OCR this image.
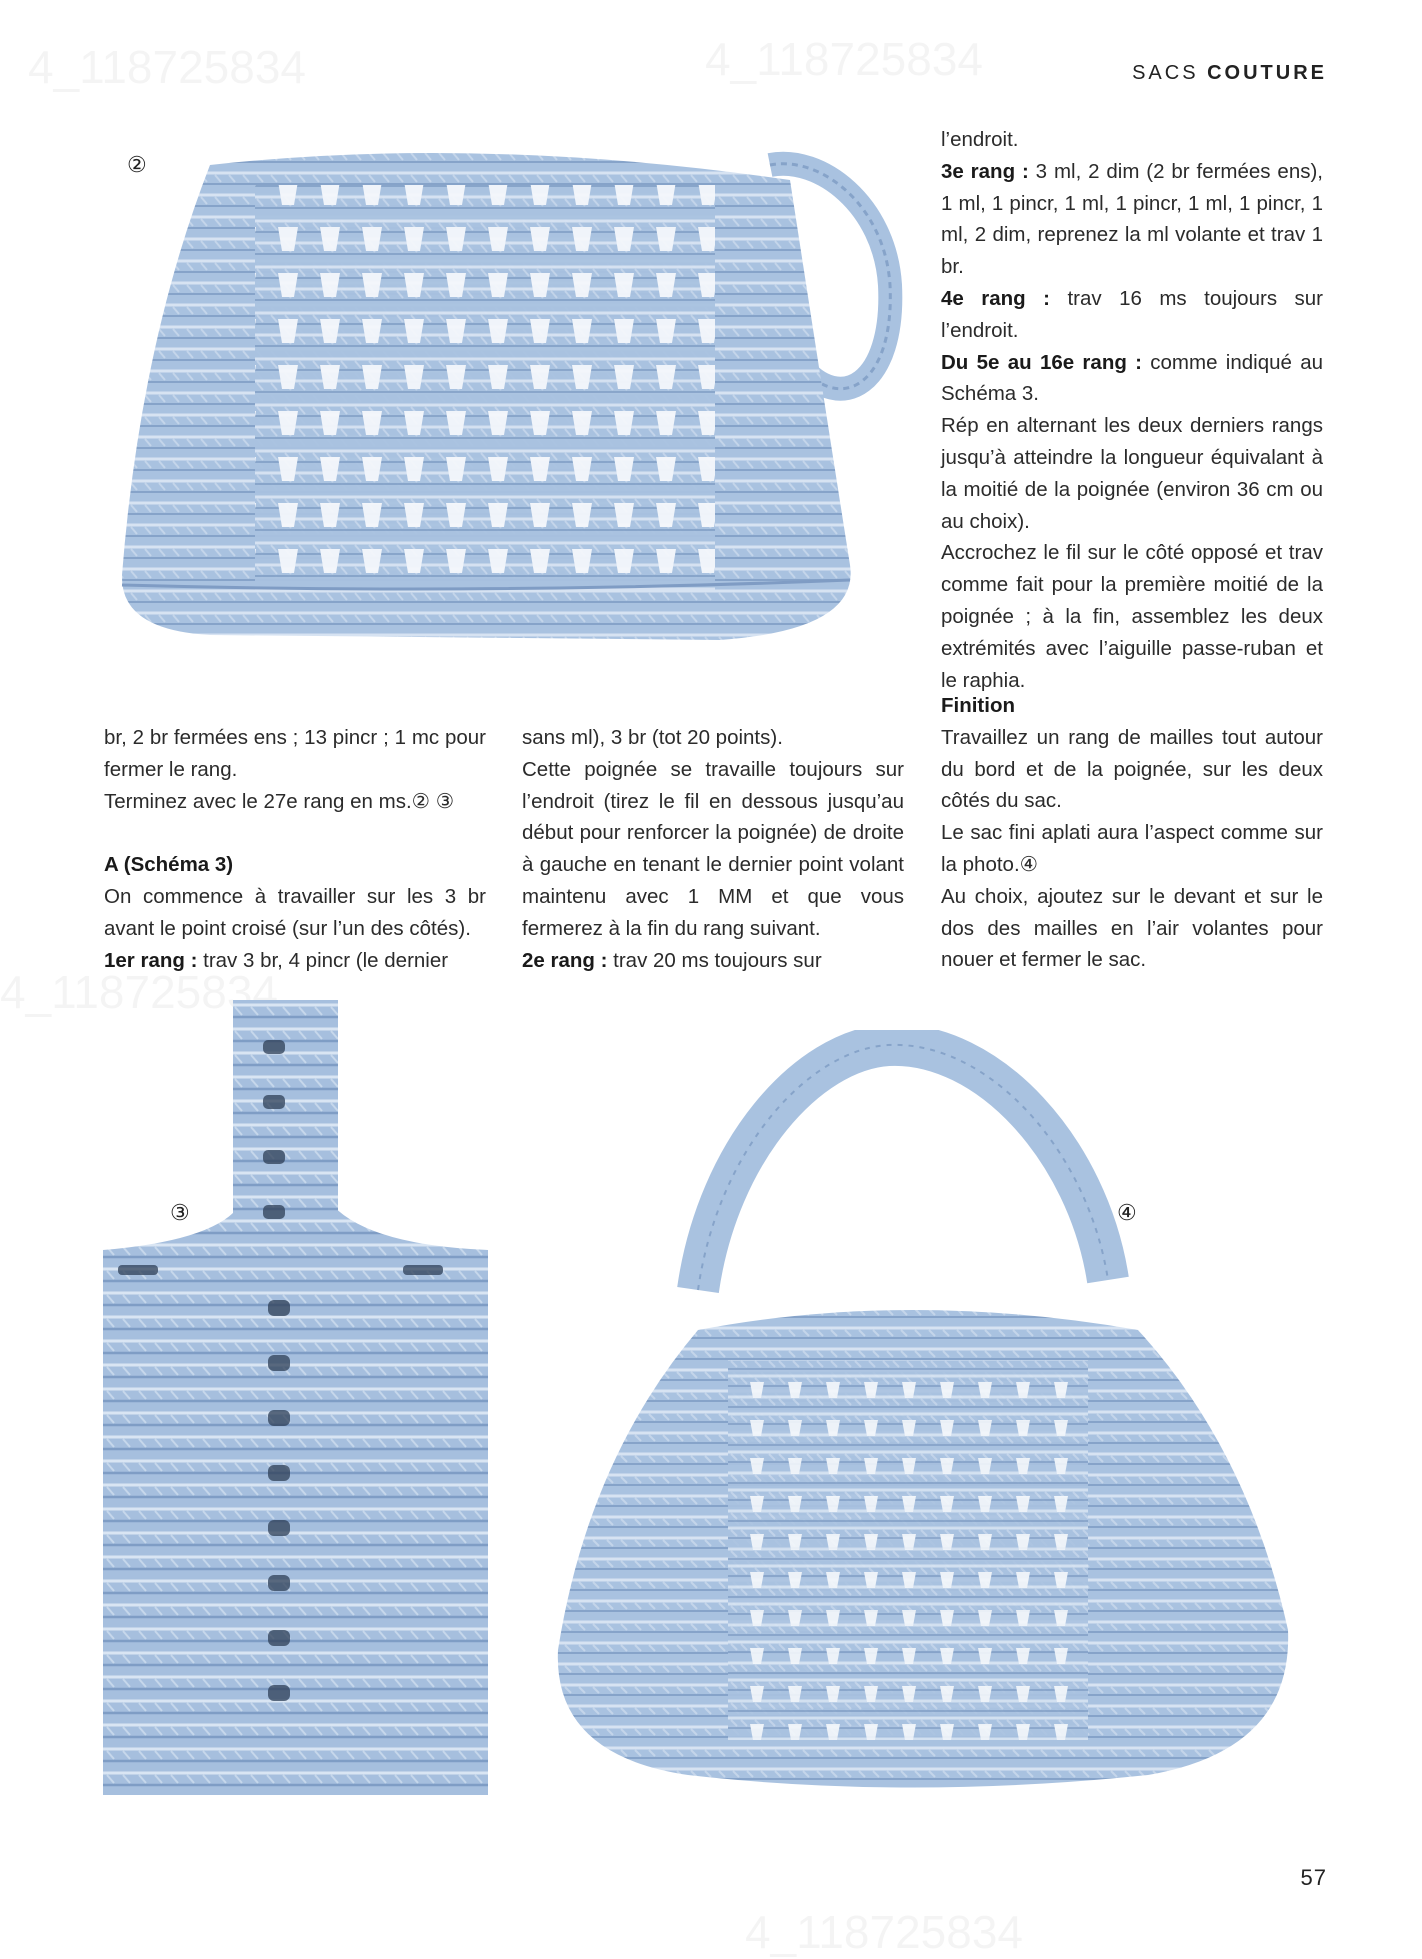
SACS COUTURE
②

l’endroit.

3e rang : 3 ml, 2 dim (2 br fermées ens), 1 ml, 1 pincr, 1 ml, 1 pincr, 1 ml, 1 pincr, 1 ml, 2 dim, reprenez la ml volante et trav 1 br.

4e rang : trav 16 ms toujours sur l’endroit.

Du 5e au 16e rang : comme indiqué au Schéma 3.

Rép en alternant les deux derniers rangs jusqu’à atteindre la longueur équivalant à la moitié de la poignée (environ 36 cm ou au choix).

Accrochez le fil sur le côté opposé et trav comme fait pour la première moitié de la poignée ; à la fin, assemblez les deux extrémités avec l’aiguille passe-ruban et le raphia.

br, 2 br fermées ens ; 13 pincr ; 1 mc pour fermer le rang.

Terminez avec le 27e rang en ms.② ③

A (Schéma 3)

On commence à travailler sur les 3 br avant le point croisé (sur l’un des côtés).

1er rang : trav 3 br, 4 pincr (le dernier

sans ml), 3 br (tot 20 points).

Cette poignée se travaille toujours sur l’endroit (tirez le fil en dessous jusqu’au début pour renforcer la poignée) de droite à gauche en tenant le dernier point volant maintenu avec 1 MM et que vous fermerez à la fin du rang suivant.

2e rang : trav 20 ms toujours sur

Finition

Travaillez un rang de mailles tout autour du bord et de la poignée, sur les deux côtés du sac.

Le sac fini aplati aura l’aspect comme sur la photo.④

Au choix, ajoutez sur le devant et sur le dos des mailles en l’air volantes pour nouer et fermer le sac.

③	④
57
